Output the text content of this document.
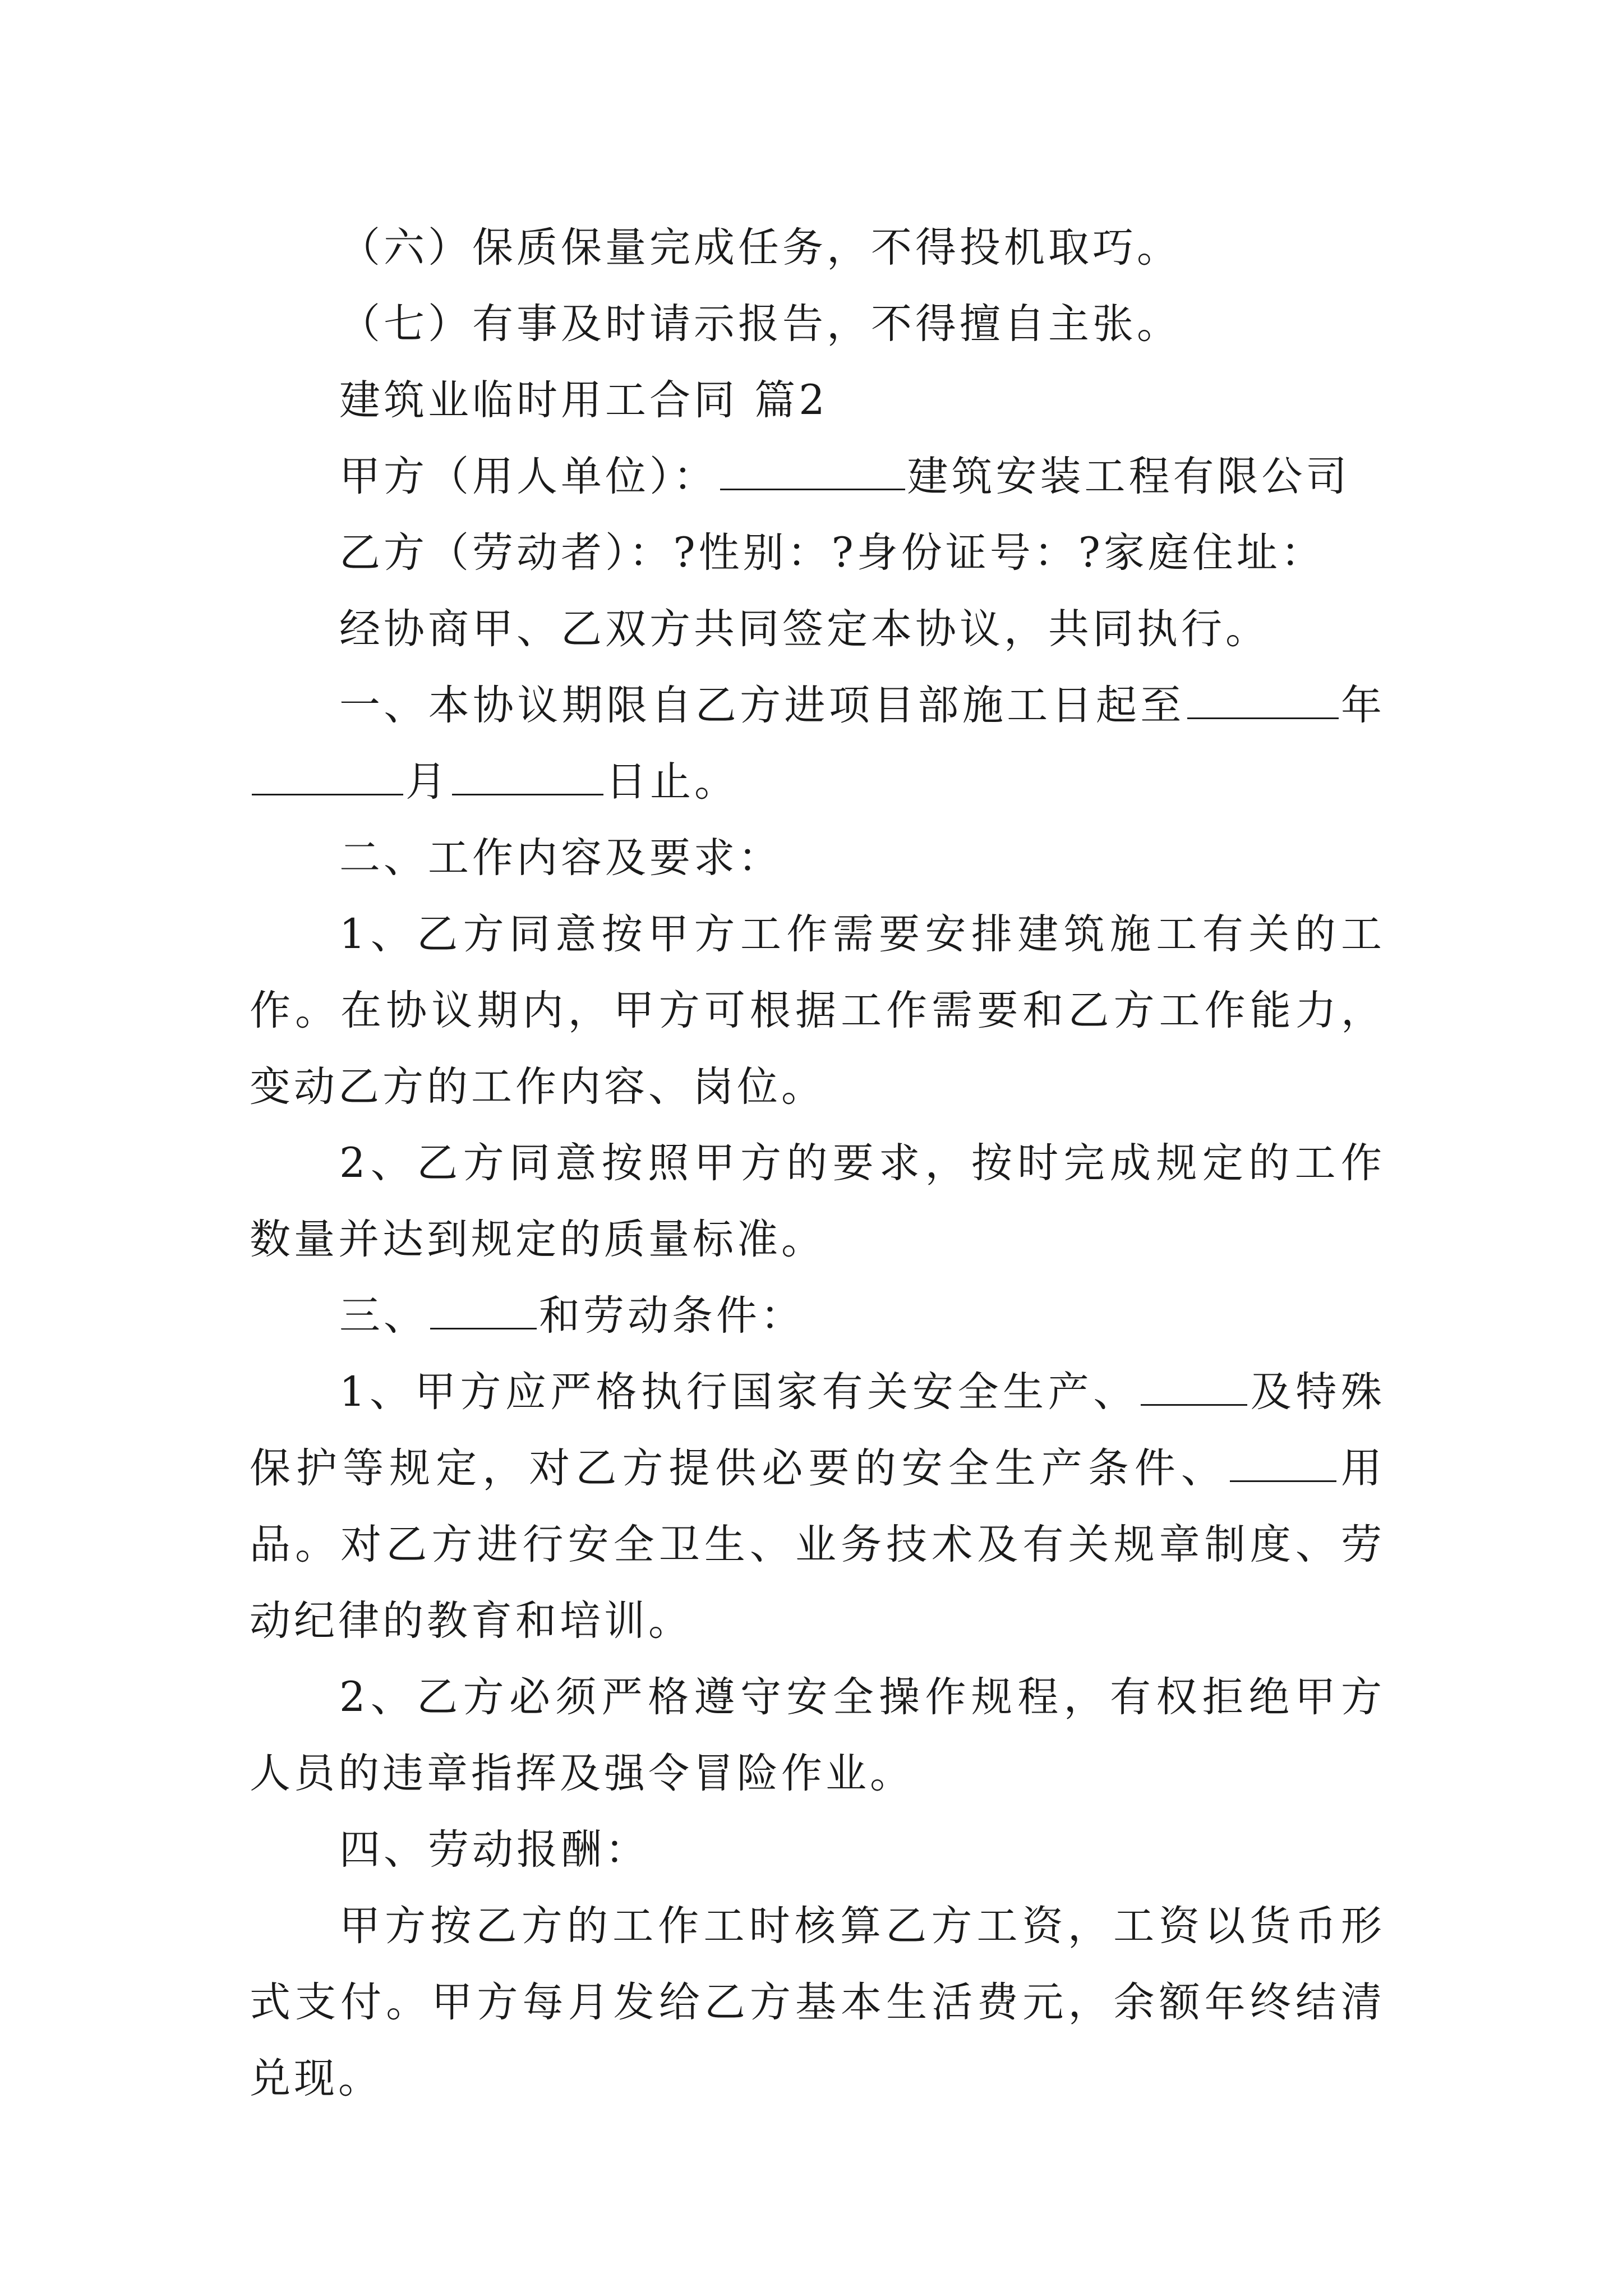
（六）保质保量完成任务，不得投机取巧。

（七）有事及时请示报告，不得擅自主张。

建筑业临时用工合同 篇2

甲方（用人单位）：	建筑安装工程有限公司

乙方（劳动者）：?性别：?身份证号：?家庭住址：

经协商甲、乙双方共同签定本协议，共同执行。

一、本协议期限自乙方进项目部施工日起至	年月	日止。

二、工作内容及要求：

1、乙方同意按甲方工作需要安排建筑施工有关的工作。在协议期内，甲方可根据工作需要和乙方工作能力，变动乙方的工作内容、岗位。

2、乙方同意按照甲方的要求，按时完成规定的工作数量并达到规定的质量标准。

三、	和劳动条件：

1、甲方应严格执行国家有关安全生产、	及特殊保护等规定，对乙方提供必要的安全生产条件、	用品。对乙方进行安全卫生、业务技术及有关规章制度、劳动纪律的教育和培训。

2、乙方必须严格遵守安全操作规程，有权拒绝甲方人员的违章指挥及强令冒险作业。

四、劳动报酬：

甲方按乙方的工作工时核算乙方工资，工资以货币形式支付。甲方每月发给乙方基本生活费元，余额年终结清兑现。
